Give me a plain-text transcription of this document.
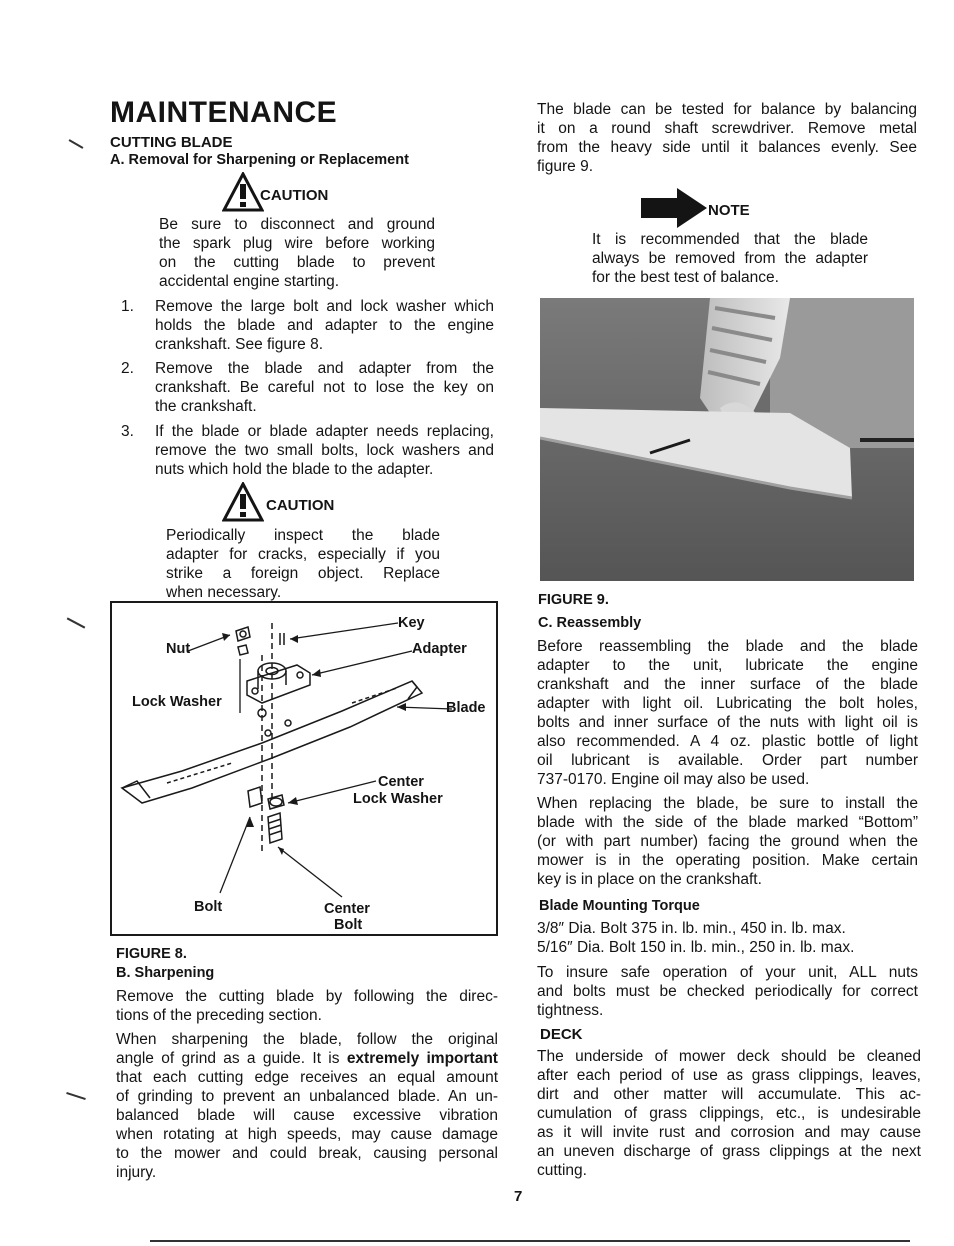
MAINTENANCE
CUTTING BLADE
A. Removal for Sharpening or Replacement
CAUTION
Be sure to disconnect and ground
the spark plug wire before working
on the cutting blade to prevent
accidental engine starting.
1. Remove the large bolt and lock washer which
holds the blade and adapter to the engine
crankshaft. See figure 8.
2. Remove the blade and adapter from the
crankshaft. Be careful not to lose the key on
the crankshaft.
3. If the blade or blade adapter needs replacing,
remove the two small bolts, lock washers and
nuts which hold the blade to the adapter.
CAUTION
Periodically inspect the blade
adapter for cracks, especially if you
strike a foreign object. Replace
when necessary.
Key
Nut	Adapter
Lock Washer	Blade
Center
Lock Washer
Bolt	Center
Bolt
FIGURE 8.
B. Sharpening
Remove the cutting blade by following the direc-
tions of the preceding section.
When sharpening the blade, follow the original
angle of grind as a guide. It is extremely important
that each cutting edge receives an equal amount
of grinding to prevent an unbalanced blade. An un-
balanced blade will cause excessive vibration
when rotating at high speeds, may cause damage
to the mower and could break, causing personal
injury.
The blade can be tested for balance by balancing
it on a round shaft screwdriver. Remove metal
from the heavy side until it balances evenly. See
figure 9.
NOTE
It is recommended that the blade
always be removed from the adapter
for the best test of balance.
FIGURE 9.
C. Reassembly
Before reassembling the blade and the blade
adapter to the unit, lubricate the engine
crankshaft and the inner surface of the blade
adapter with light oil. Lubricating the bolt holes,
bolts and inner surface of the nuts with light oil is
also recommended. A 4 oz. plastic bottle of light
oil lubricant is available. Order part number
737-0170. Engine oil may also be used.
When replacing the blade, be sure to install the
blade with the side of the blade marked “Bottom”
(or with part number) facing the ground when the
mower is in the operating position. Make certain
key is in place on the crankshaft.
Blade Mounting Torque
3/8″ Dia. Bolt 375 in. lb. min., 450 in. lb. max.
5/16″ Dia. Bolt 150 in. lb. min., 250 in. lb. max.
To insure safe operation of your unit, ALL nuts
and bolts must be checked periodically for correct
tightness.
DECK
The underside of mower deck should be cleaned
after each period of use as grass clippings, leaves,
dirt and other matter will accumulate. This ac-
cumulation of grass clippings, etc., is undesirable
as it will invite rust and corrosion and may cause
an uneven discharge of grass clippings at the next
cutting.
7
